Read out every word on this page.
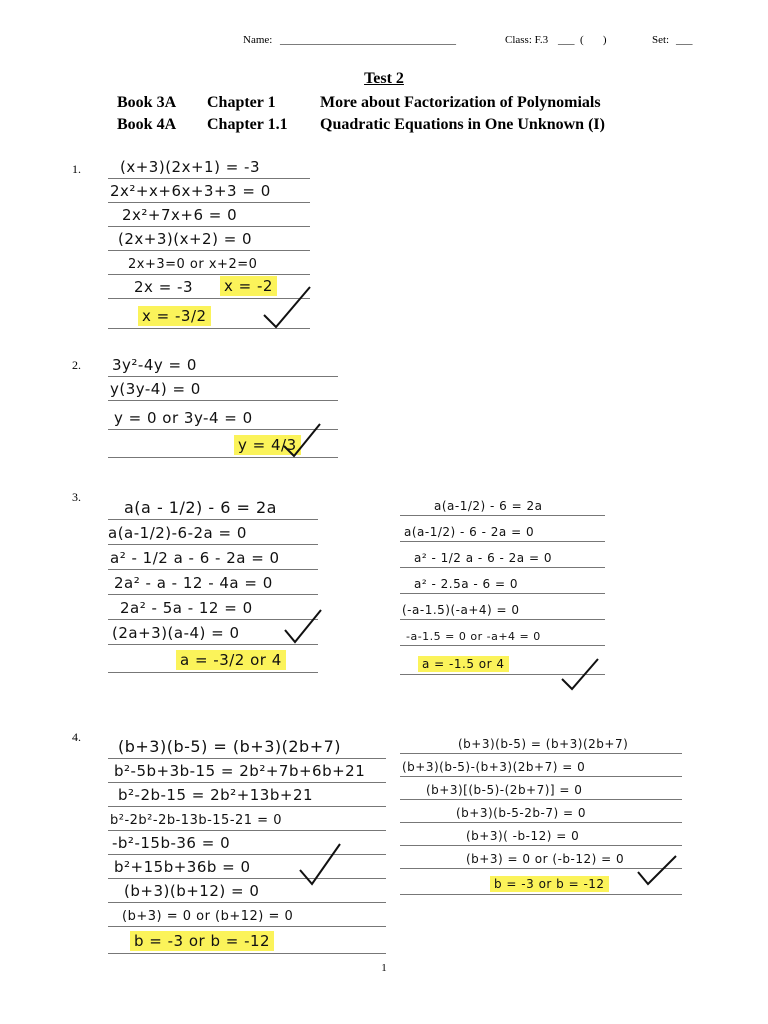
Name: ________________________________	Class: F.3 ___  (       )	Set: ___
Test 2
Book 3A Chapter 1	More about Factorization of Polynomials
Book 4A Chapter 1.1 Quadratic Equations in One Unknown (I)
1.	(x+3)(2x+1) = -3
2x²+x+6x+3+3 = 0
2x²+7x+6 = 0
(2x+3)(x+2) = 0
2x+3=0 or x+2=0
2x = -3 x = -2
x = -3/2
2. 3y²-4y = 0
y(3y-4) = 0
y = 0 or 3y-4 = 0
y = 4/3
3.
a(a - 1/2) - 6 = 2a
a(a-1/2)-6-2a = 0
a² - 1/2 a - 6 - 2a = 0
2a² - a - 12 - 4a = 0
2a² - 5a - 12 = 0
(2a+3)(a-4) = 0
a = -3/2 or 4
a(a-1/2) - 6 = 2a
a(a-1/2) - 6 - 2a = 0
a² - 1/2 a - 6 - 2a = 0
a² - 2.5a - 6 = 0
(-a-1.5)(-a+4) = 0
-a-1.5 = 0 or -a+4 = 0
a = -1.5 or 4
4. (b+3)(b-5) = (b+3)(2b+7)
b²-5b+3b-15 = 2b²+7b+6b+21
b²-2b-15 = 2b²+13b+21
b²-2b²-2b-13b-15-21 = 0
-b²-15b-36 = 0
b²+15b+36b = 0
(b+3)(b+12) = 0
(b+3) = 0 or (b+12) = 0
b = -3 or b = -12
(b+3)(b-5) = (b+3)(2b+7)
(b+3)(b-5)-(b+3)(2b+7) = 0
(b+3)[(b-5)-(2b+7)] = 0
(b+3)(b-5-2b-7) = 0
(b+3)( -b-12) = 0
(b+3) = 0 or (-b-12) = 0
b = -3 or b = -12
1
